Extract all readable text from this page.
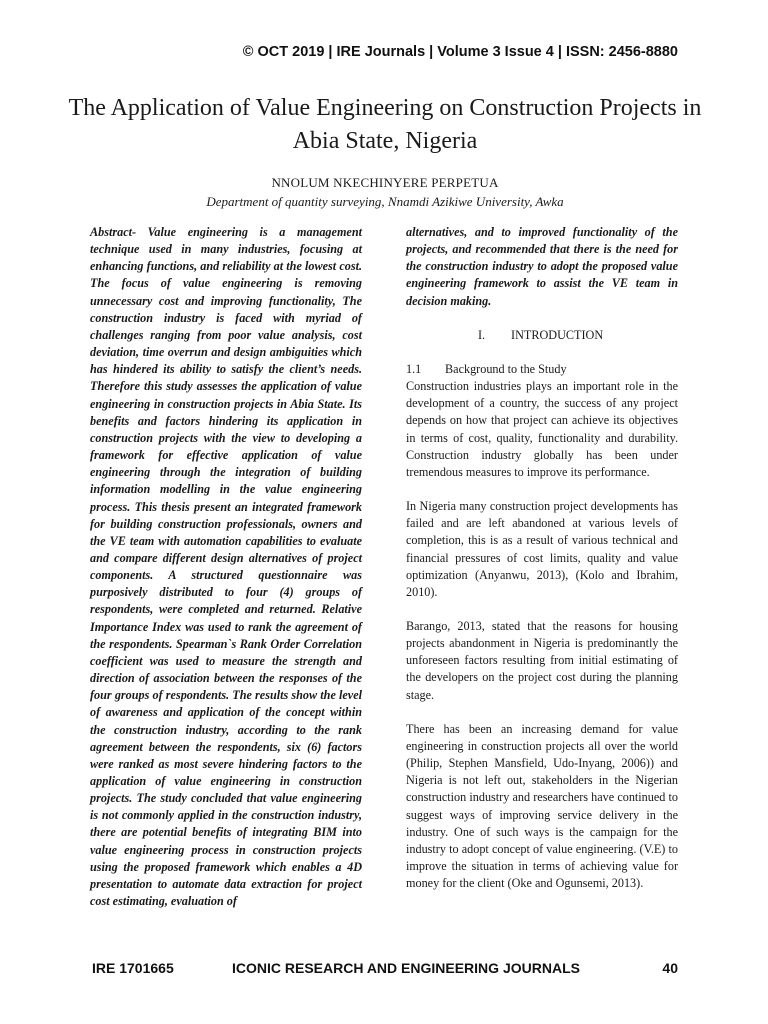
© OCT 2019 | IRE Journals | Volume 3 Issue 4 | ISSN: 2456-8880
The Application of Value Engineering on Construction Projects in Abia State, Nigeria
NNOLUM NKECHINYERE PERPETUA
Department of quantity surveying, Nnamdi Azikiwe University, Awka

Abstract- Value engineering is a management technique used in many industries, focusing at enhancing functions, and reliability at the lowest cost. The focus of value engineering is removing unnecessary cost and improving functionality, The construction industry is faced with myriad of challenges ranging from poor value analysis, cost deviation, time overrun and design ambiguities which has hindered its ability to satisfy the client’s needs. Therefore this study assesses the application of value engineering in construction projects in Abia State. Its benefits and factors hindering its application in construction projects with the view to developing a framework for effective application of value engineering through the integration of building information modelling in the value engineering process. This thesis present an integrated framework for building construction professionals, owners and the VE team with automation capabilities to evaluate and compare different design alternatives of project components. A structured questionnaire was purposively distributed to four (4) groups of respondents, were completed and returned. Relative Importance Index was used to rank the agreement of the respondents. Spearman`s Rank Order Correlation coefficient was used to measure the strength and direction of association between the responses of the four groups of respondents. The results show the level of awareness and application of the concept within the construction industry, according to the rank agreement between the respondents, six (6) factors were ranked as most severe hindering factors to the application of value engineering in construction projects. The study concluded that value engineering is not commonly applied in the construction industry, there are potential benefits of integrating BIM into value engineering process in construction projects using the proposed framework which enables a 4D presentation to automate data extraction for project cost estimating, evaluation of

alternatives, and to improved functionality of the projects, and recommended that there is the need for the construction industry to adopt the proposed value engineering framework to assist the VE team in decision making.

I. INTRODUCTION

1.1 Background to the Study

Construction industries plays an important role in the development of a country, the success of any project depends on how that project can achieve its objectives in terms of cost, quality, functionality and durability. Construction industry globally has been under tremendous measures to improve its performance.

In Nigeria many construction project developments has failed and are left abandoned at various levels of completion, this is as a result of various technical and financial pressures of cost limits, quality and value optimization (Anyanwu, 2013), (Kolo and Ibrahim, 2010).

Barango, 2013, stated that the reasons for housing projects abandonment in Nigeria is predominantly the unforeseen factors resulting from initial estimating of the developers on the project cost during the planning stage.

There has been an increasing demand for value engineering in construction projects all over the world (Philip, Stephen Mansfield, Udo-Inyang, 2006)) and Nigeria is not left out, stakeholders in the Nigerian construction industry and researchers have continued to suggest ways of improving service delivery in the industry. One of such ways is the campaign for the industry to adopt concept of value engineering. (V.E) to improve the situation in terms of achieving value for money for the client (Oke and Ogunsemi, 2013).

IRE 1701665	ICONIC RESEARCH AND ENGINEERING JOURNALS	40
